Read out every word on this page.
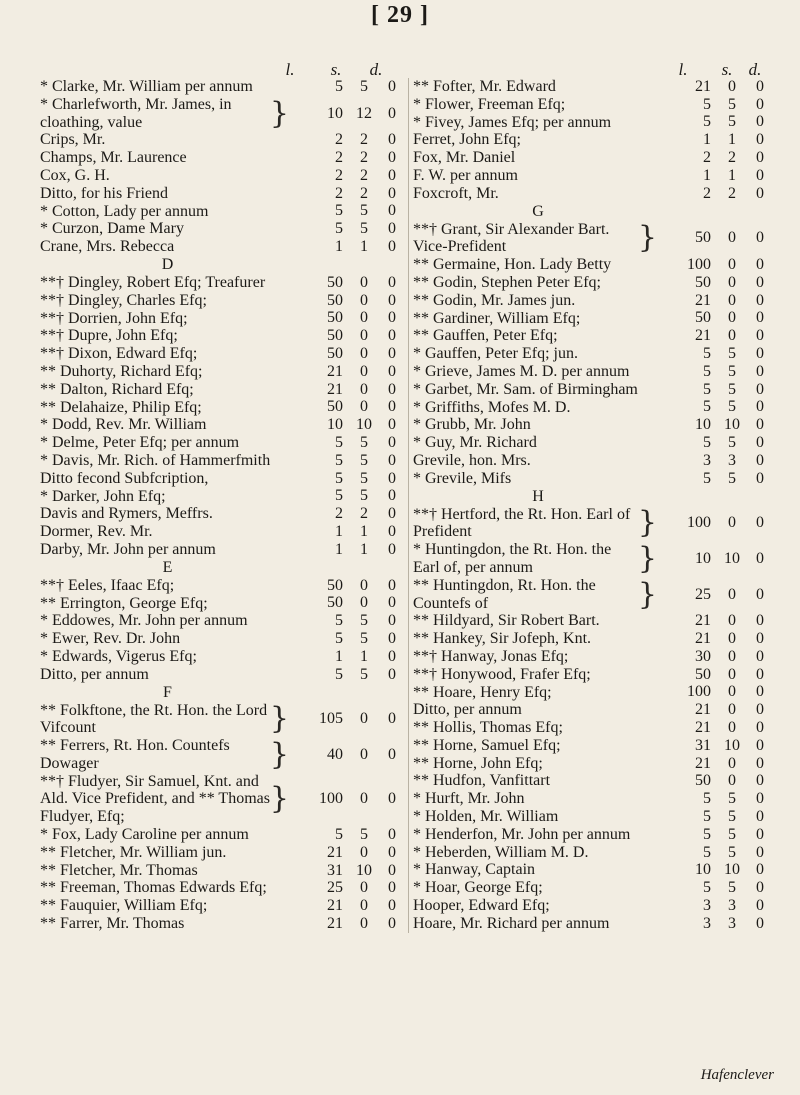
[ 29 ]
l.	s.	d.	l.	s. d.
* Clarke, Mr. William per annum	5	5	0
* Charlefworth, Mr. James, in cloathing, value	}	10 12	0
Crips, Mr.	2	2	0
Champs, Mr. Laurence	2	2	0
Cox, G. H.	2	2	0
Ditto, for his Friend	2	2	0
* Cotton, Lady per annum	5	5	0
* Curzon, Dame Mary	5	5	0
Crane, Mrs. Rebecca	1	1	0
D
**† Dingley, Robert Efq; Treafurer	50	0	0
**† Dingley, Charles Efq;	50	0	0
**† Dorrien, John Efq;	50	0	0
**† Dupre, John Efq;	50	0	0
**† Dixon, Edward Efq;	50	0	0
** Duhorty, Richard Efq;	21	0	0
** Dalton, Richard Efq;	21	0	0
** Delahaize, Philip Efq;	50	0	0
* Dodd, Rev. Mr. William	10 10	0
* Delme, Peter Efq; per annum	5	5	0
* Davis, Mr. Rich. of Hammerfmith	5	5	0
Ditto fecond Subfcription,	5	5	0
* Darker, John Efq;	5	5	0
Davis and Rymers, Meffrs.	2	2	0
Dormer, Rev. Mr.	1	1	0
Darby, Mr. John per annum	1	1	0
E
**† Eeles, Ifaac Efq;	50	0	0
** Errington, George Efq;	50	0	0
* Eddowes, Mr. John per annum	5	5	0
* Ewer, Rev. Dr. John	5	5	0
* Edwards, Vigerus Efq;	1	1	0
Ditto, per annum	5	5	0
F
** Folkftone, the Rt. Hon. the Lord Vifcount	}	105	0	0
** Ferrers, Rt. Hon. Countefs Dowager	}	40	0	0
**† Fludyer, Sir Samuel, Knt. and Ald. Vice Prefident, and ** Thomas Fludyer, Efq;
}	100	0	0
* Fox, Lady Caroline per annum	5	5	0
** Fletcher, Mr. William jun.	21	0	0
** Fletcher, Mr. Thomas	31 10	0
** Freeman, Thomas Edwards Efq;	25	0	0
** Fauquier, William Efq;	21	0	0
** Farrer, Mr. Thomas	21	0	0
** Fofter, Mr. Edward	21	0	0
* Flower, Freeman Efq;	5	5	0
* Fivey, James Efq; per annum	5	5	0
Ferret, John Efq;	1	1	0
Fox, Mr. Daniel	2	2	0
F. W. per annum	1	1	0
Foxcroft, Mr.	2	2	0
G
**† Grant, Sir Alexander Bart. Vice-Prefident	}	50	0	0
** Germaine, Hon. Lady Betty	100	0	0
** Godin, Stephen Peter Efq;	50	0	0
** Godin, Mr. James jun.	21	0	0
** Gardiner, William Efq;	50	0	0
** Gauffen, Peter Efq;	21	0	0
* Gauffen, Peter Efq; jun.	5	5	0
* Grieve, James M. D. per annum	5	5	0
* Garbet, Mr. Sam. of Birmingham	5	5	0
* Griffiths, Mofes M. D.	5	5	0
* Grubb, Mr. John	10 10	0
* Guy, Mr. Richard	5	5	0
Grevile, hon. Mrs.	3	3	0
* Grevile, Mifs	5	5	0
H
**† Hertford, the Rt. Hon. Earl of Prefident	}	100	0	0
* Huntingdon, the Rt. Hon. the Earl of, per annum	}	10 10	0
** Huntingdon, Rt. Hon. the Countefs of	}	25	0	0
** Hildyard, Sir Robert Bart.	21	0	0
** Hankey, Sir Jofeph, Knt.	21	0	0
**† Hanway, Jonas Efq;	30	0	0
**† Honywood, Frafer Efq;	50	0	0
** Hoare, Henry Efq;	100	0	0
Ditto, per annum	21	0	0
** Hollis, Thomas Efq;	21	0	0
** Horne, Samuel Efq;	31 10	0
** Horne, John Efq;	21	0	0
** Hudfon, Vanfittart	50	0	0
* Hurft, Mr. John	5	5	0
* Holden, Mr. William	5	5	0
* Henderfon, Mr. John per annum	5	5	0
* Heberden, William M. D.	5	5	0
* Hanway, Captain	10 10	0
* Hoar, George Efq;	5	5	0
Hooper, Edward Efq;	3	3	0
Hoare, Mr. Richard per annum	3	3	0
Hafenclever
